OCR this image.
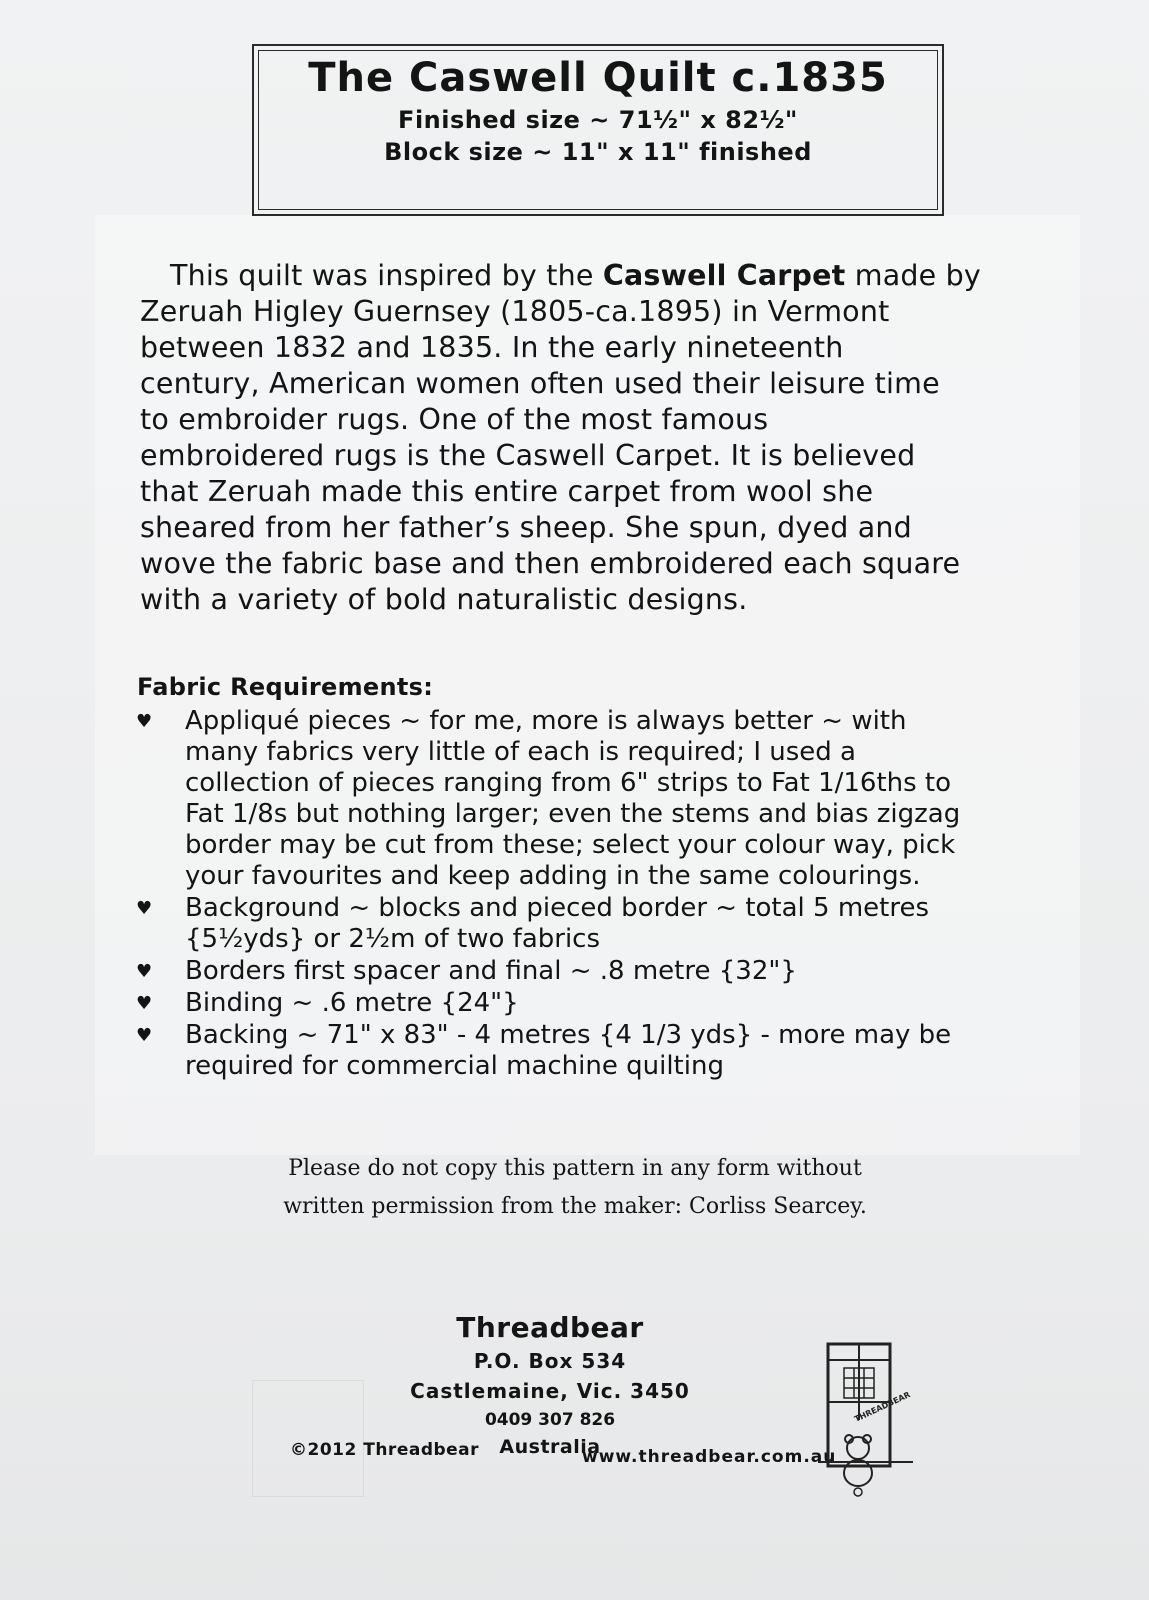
The Caswell Quilt c.1835
Finished size ~ 71½" x 82½"
Block size ~ 11" x 11" finished

This quilt was inspired by the Caswell Carpet made by

Zeruah Higley Guernsey (1805-ca.1895) in Vermont
between 1832 and 1835. In the early nineteenth
century, American women often used their leisure time
to embroider rugs. One of the most famous
embroidered rugs is the Caswell Carpet. It is believed
that Zeruah made this entire carpet from wool she
sheared from her father’s sheep. She spun, dyed and
wove the fabric base and then embroidered each square
with a variety of bold naturalistic designs.
Fabric Requirements:
♥ Appliqué pieces ~ for me, more is always better ~ with
many fabrics very little of each is required; I used a
collection of pieces ranging from 6" strips to Fat 1/16ths to
Fat 1/8s but nothing larger; even the stems and bias zigzag
border may be cut from these; select your colour way, pick
your favourites and keep adding in the same colourings.
♥ Background ~ blocks and pieced border ~ total 5 metres
{5½yds} or 2½m of two fabrics
♥ Borders first spacer and final ~ .8 metre {32"}
♥ Binding ~ .6 metre {24"}
♥ Backing ~ 71" x 83" - 4 metres {4 1/3 yds} - more may be
required for commercial machine quilting
Please do not copy this pattern in any form without
written permission from the maker: Corliss Searcey.
Threadbear
P.O. Box 534
Castlemaine, Vic. 3450
0409 307 826
Australia
©2012 Threadbear	www.threadbear.com.au
THREADBEAR
